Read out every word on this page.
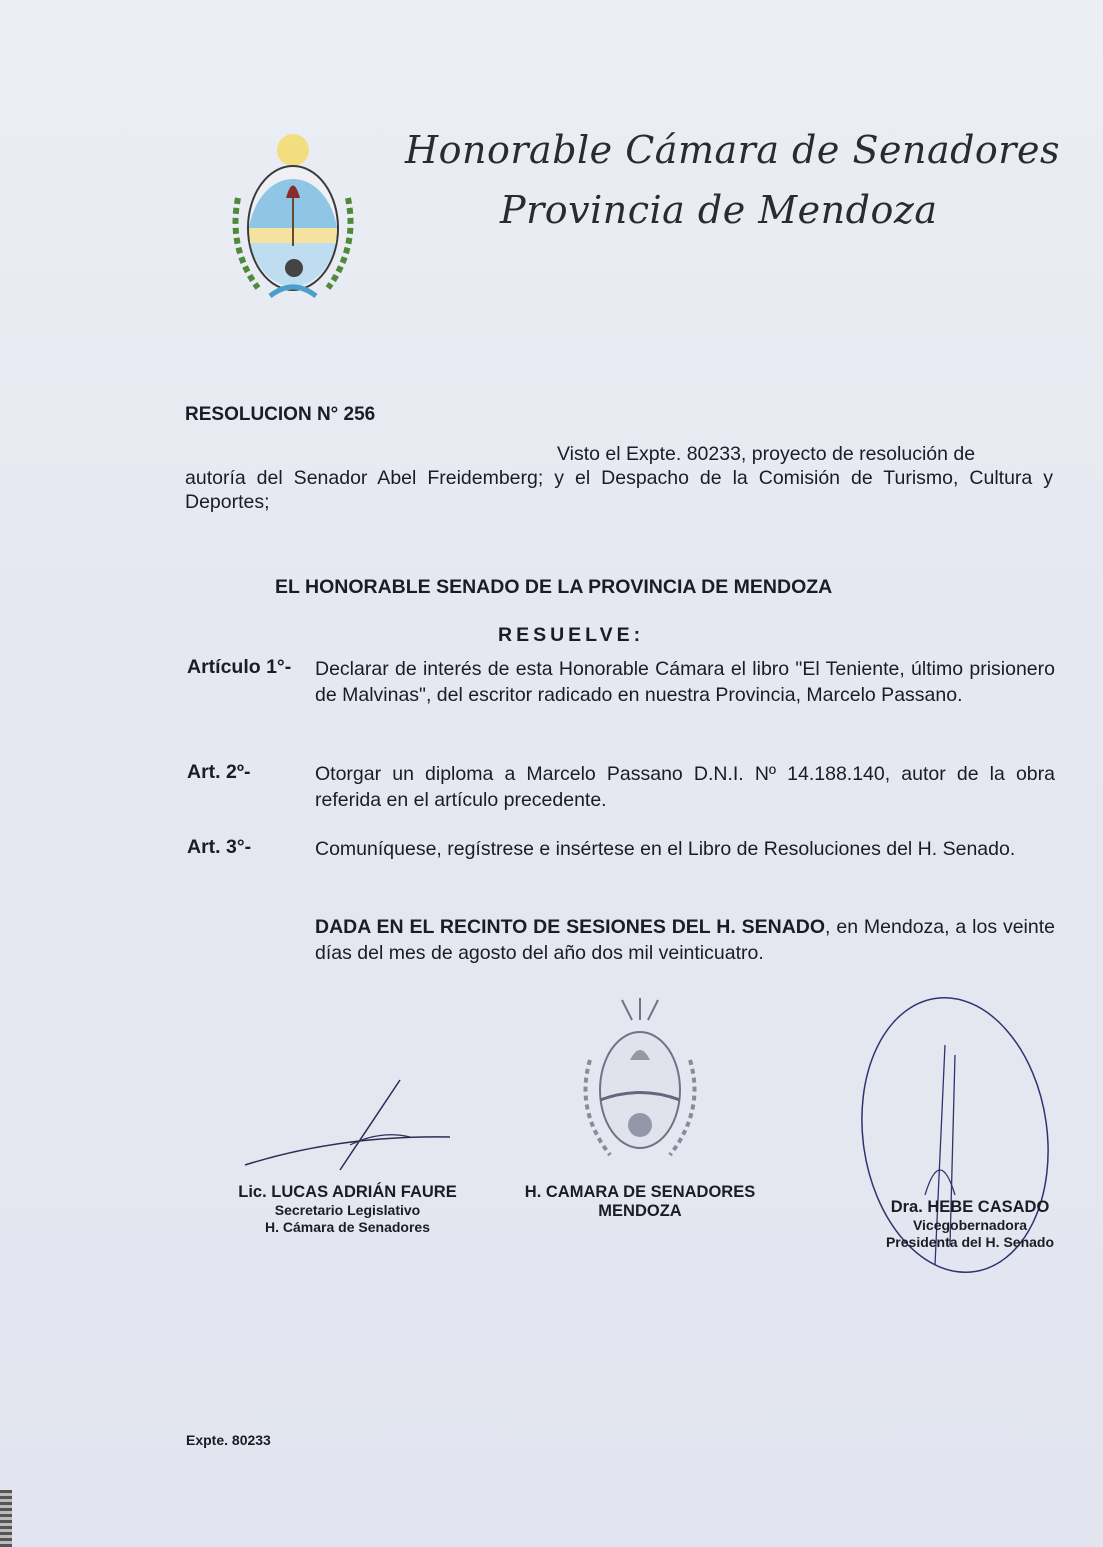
Honorable Cámara de Senadores
Provincia de Mendoza
RESOLUCION N° 256
Visto el Expte. 80233, proyecto de resolución de
autoría del Senador Abel Freidemberg; y el Despacho de la Comisión de Turismo, Cultura y Deportes;
EL HONORABLE SENADO DE LA PROVINCIA DE MENDOZA
RESUELVE:
Artículo 1°- Declarar de interés de esta Honorable Cámara el libro "El Teniente, último prisionero de Malvinas", del escritor radicado en nuestra Provincia, Marcelo Passano.
Art. 2º-	Otorgar un diploma a Marcelo Passano D.N.I. Nº 14.188.140, autor de la obra referida en el artículo precedente.
Art. 3°-	Comuníquese, regístrese e insértese en el Libro de Resoluciones del H. Senado.
DADA EN EL RECINTO DE SESIONES DEL H. SENADO, en Mendoza, a los veinte días del mes de agosto del año dos mil veinticuatro.
Lic. LUCAS ADRIÁN FAURE
Secretario Legislativo
H. Cámara de Senadores
H. CAMARA DE SENADORES
MENDOZA	Dra. HEBE CASADO
Vicegobernadora
Presidenta del H. Senado
Expte. 80233
